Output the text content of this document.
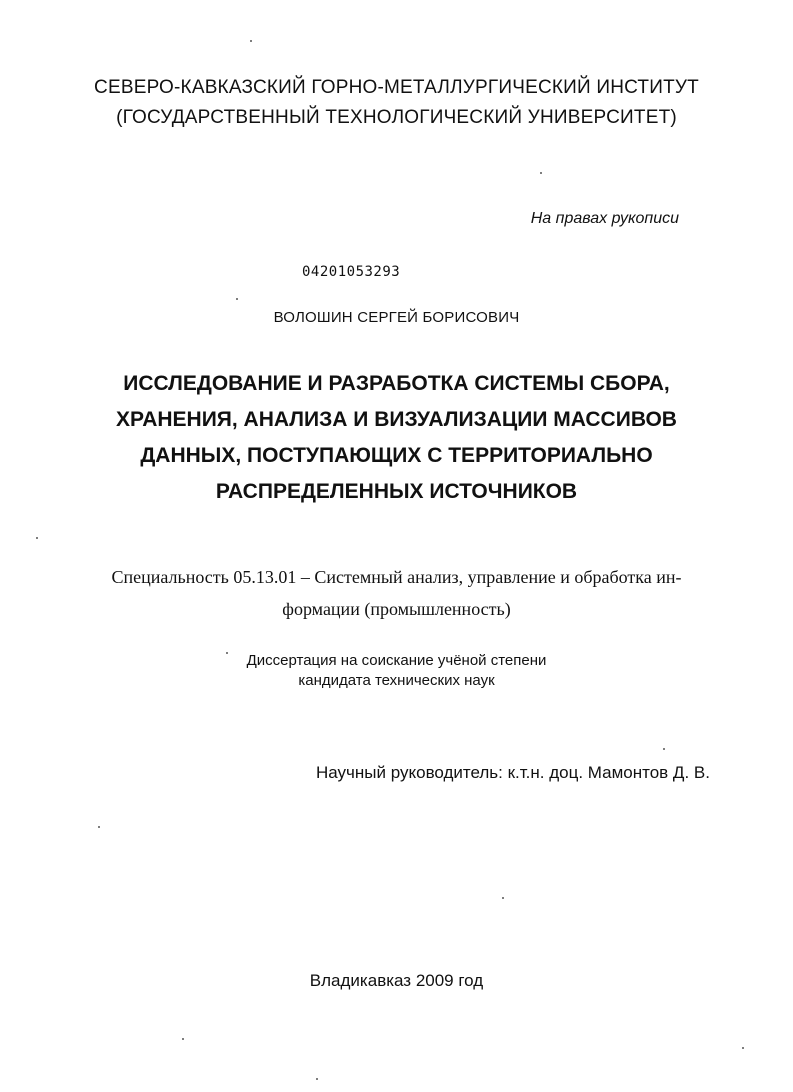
СЕВЕРО-КАВКАЗСКИЙ ГОРНО-МЕТАЛЛУРГИЧЕСКИЙ ИНСТИТУТ
(ГОСУДАРСТВЕННЫЙ ТЕХНОЛОГИЧЕСКИЙ УНИВЕРСИТЕТ)
На правах рукописи
04201053293
ВОЛОШИН СЕРГЕЙ БОРИСОВИЧ
ИССЛЕДОВАНИЕ И РАЗРАБОТКА СИСТЕМЫ СБОРА,
ХРАНЕНИЯ, АНАЛИЗА И ВИЗУАЛИЗАЦИИ МАССИВОВ
ДАННЫХ, ПОСТУПАЮЩИХ С ТЕРРИТОРИАЛЬНО
РАСПРЕДЕЛЕННЫХ ИСТОЧНИКОВ
Специальность 05.13.01 – Системный анализ, управление и обработка ин-
формации (промышленность)
Диссертация на соискание учёной степени
кандидата технических наук
Научный руководитель: к.т.н. доц. Мамонтов Д. В.
Владикавказ 2009 год
